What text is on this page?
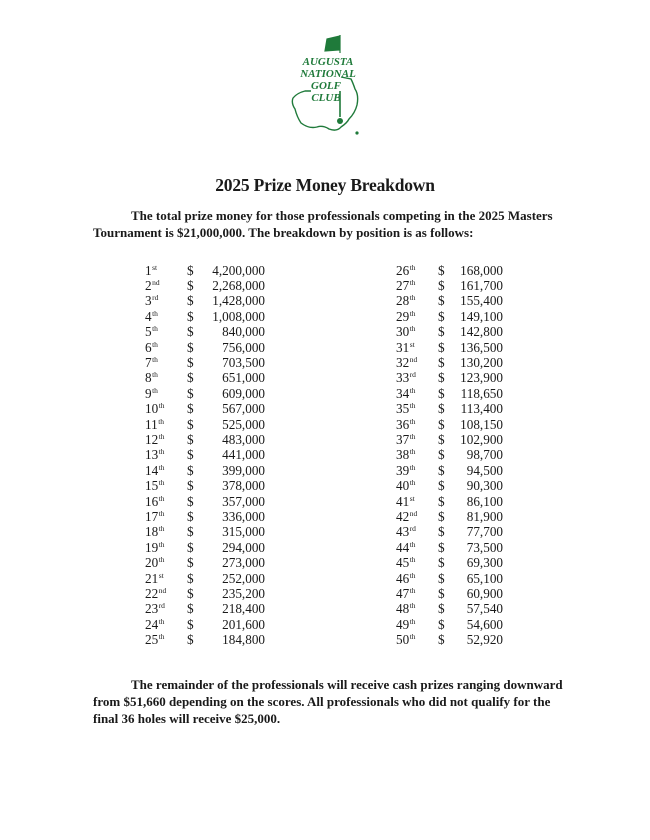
AUGUSTA
NATIONAL
GOLF
CLUB
2025 Prize Money Breakdown
The total prize money for those professionals competing in the 2025 Masters Tournament is $21,000,000. The breakdown by position is as follows:
1st	$	4,200,000
2nd	$	2,268,000
3rd	$	1,428,000
4th	$	1,008,000
5th	$	840,000
6th	$	756,000
7th	$	703,500
8th	$	651,000
9th	$	609,000
10th	$	567,000
11th	$	525,000
12th	$	483,000
13th	$	441,000
14th	$	399,000
15th	$	378,000
16th	$	357,000
17th	$	336,000
18th	$	315,000
19th	$	294,000
20th	$	273,000
21st	$	252,000
22nd	$	235,200
23rd	$	218,400
24th	$	201,600
25th	$	184,800
26th	$	168,000
27th	$	161,700
28th	$	155,400
29th	$	149,100
30th	$	142,800
31st	$	136,500
32nd	$	130,200
33rd	$	123,900
34th	$	118,650
35th	$	113,400
36th	$	108,150
37th	$	102,900
38th	$	98,700
39th	$	94,500
40th	$	90,300
41st	$	86,100
42nd	$	81,900
43rd	$	77,700
44th	$	73,500
45th	$	69,300
46th	$	65,100
47th	$	60,900
48th	$	57,540
49th	$	54,600
50th	$	52,920
The remainder of the professionals will receive cash prizes ranging downward from $51,660 depending on the scores. All professionals who did not qualify for the final 36 holes will receive $25,000.
